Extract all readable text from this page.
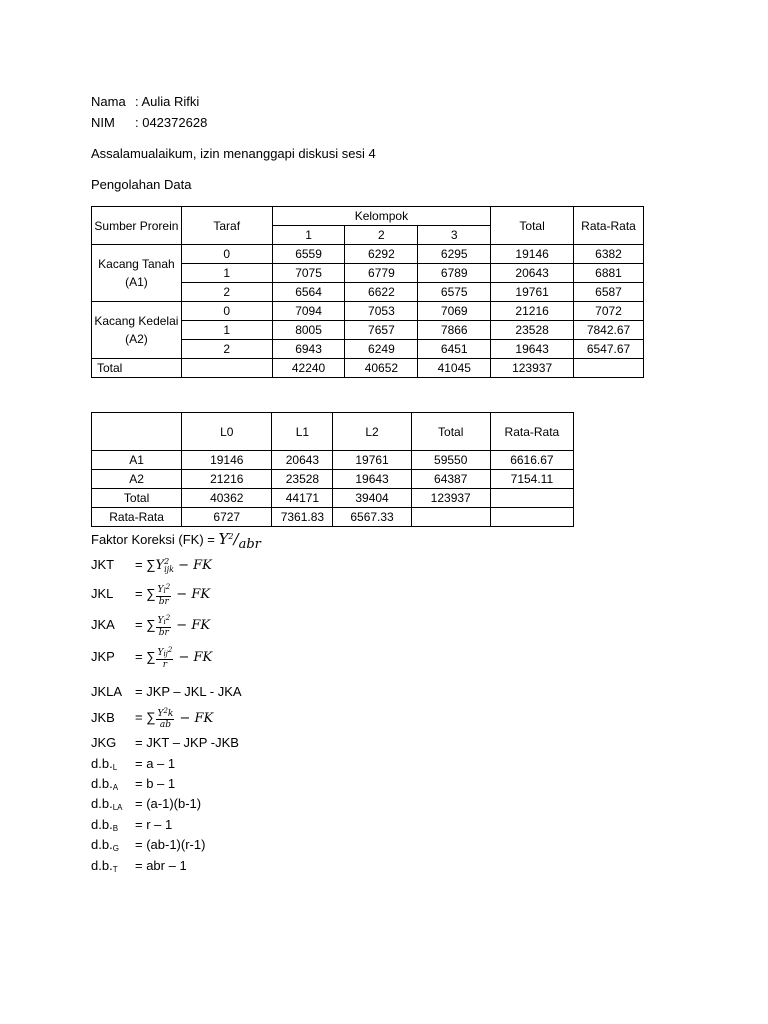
Nama : Aulia Rifki
NIM : 042372628
Assalamualaikum, izin menanggapi diskusi sesi 4
Pengolahan Data
Sumber Prorein	Taraf	Kelompok			Total	Rata-Rata
		1	2	3		
Kacang Tanah (A1)	0	6559	6292	6295	19146	6382
	1	7075	6779	6789	20643	6881
	2	6564	6622	6575	19761	6587
Kacang Kedelai (A2)	0	7094	7053	7069	21216	7072
	1	8005	7657	7866	23528	7842.67
	2	6943	6249	6451	19643	6547.67
Total		42240	40652	41045	123937	
	L0	L1	L2	Total	Rata-Rata
A1	19146	20643	19761	59550	6616.67
A2	21216	23528	19643	64387	7154.11
Total	40362	44171	39404	123937	
Rata-Rata	6727	7361.83	6567.33		
Faktor Koreksi $(FK) = Y^2$/abr
JKT = ∑Y 2
ijk − FK
JKL = ∑ $\frac{Yl^2}{br}$ − FK
JKA = ∑ $\frac{Yi^2}{br}$ − FK
JKP = ∑ $\frac{Yij^2}{r}$ − FK
JKLA = JKP – JKL - JKA
JKB = ∑ $\frac{Y^2k}{ab}$ − FK
JKG = JKT – JKP -JKB
d.b.L = a – 1
d.b.A = b – 1
d.b.LA = (a-1)(b-1)
d.b.B = r – 1
d.b.G = (ab-1)(r-1)
d.b.T = abr – 1
